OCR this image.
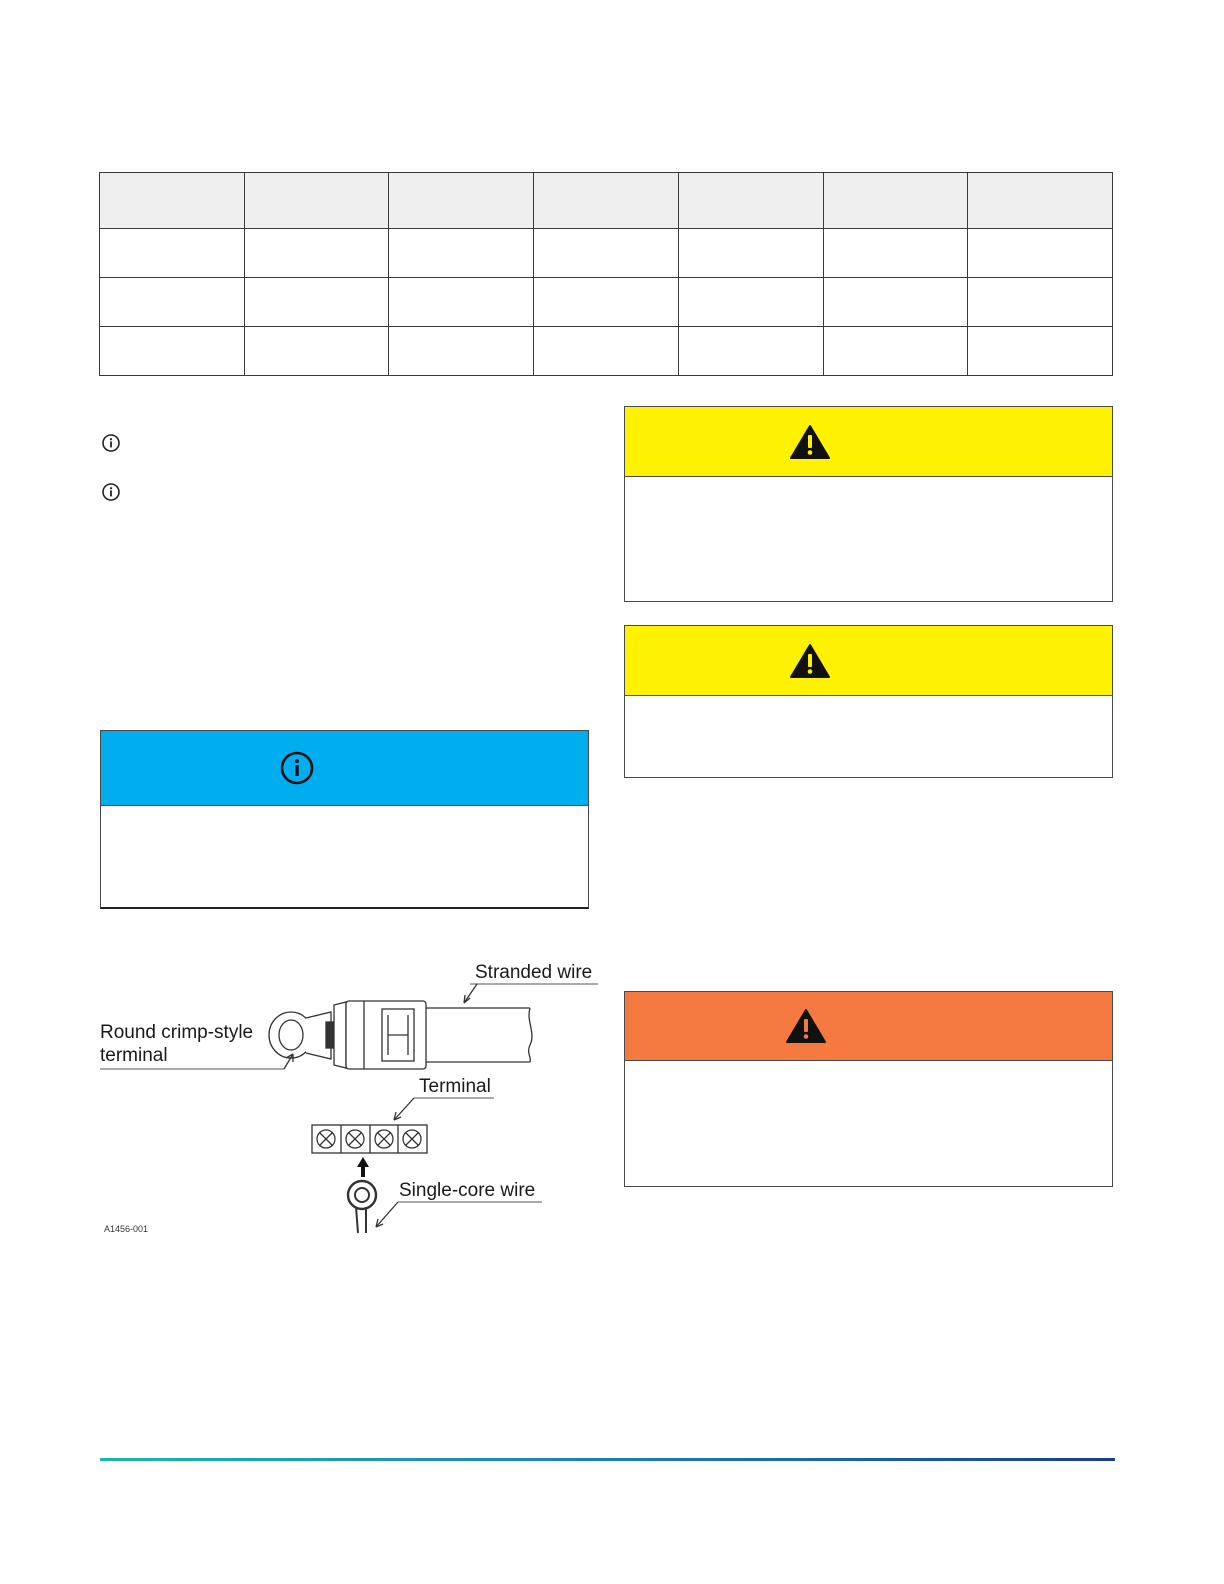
Stranded wire
Round crimp-style
terminal
Terminal
Single-core wire
A1456-001
